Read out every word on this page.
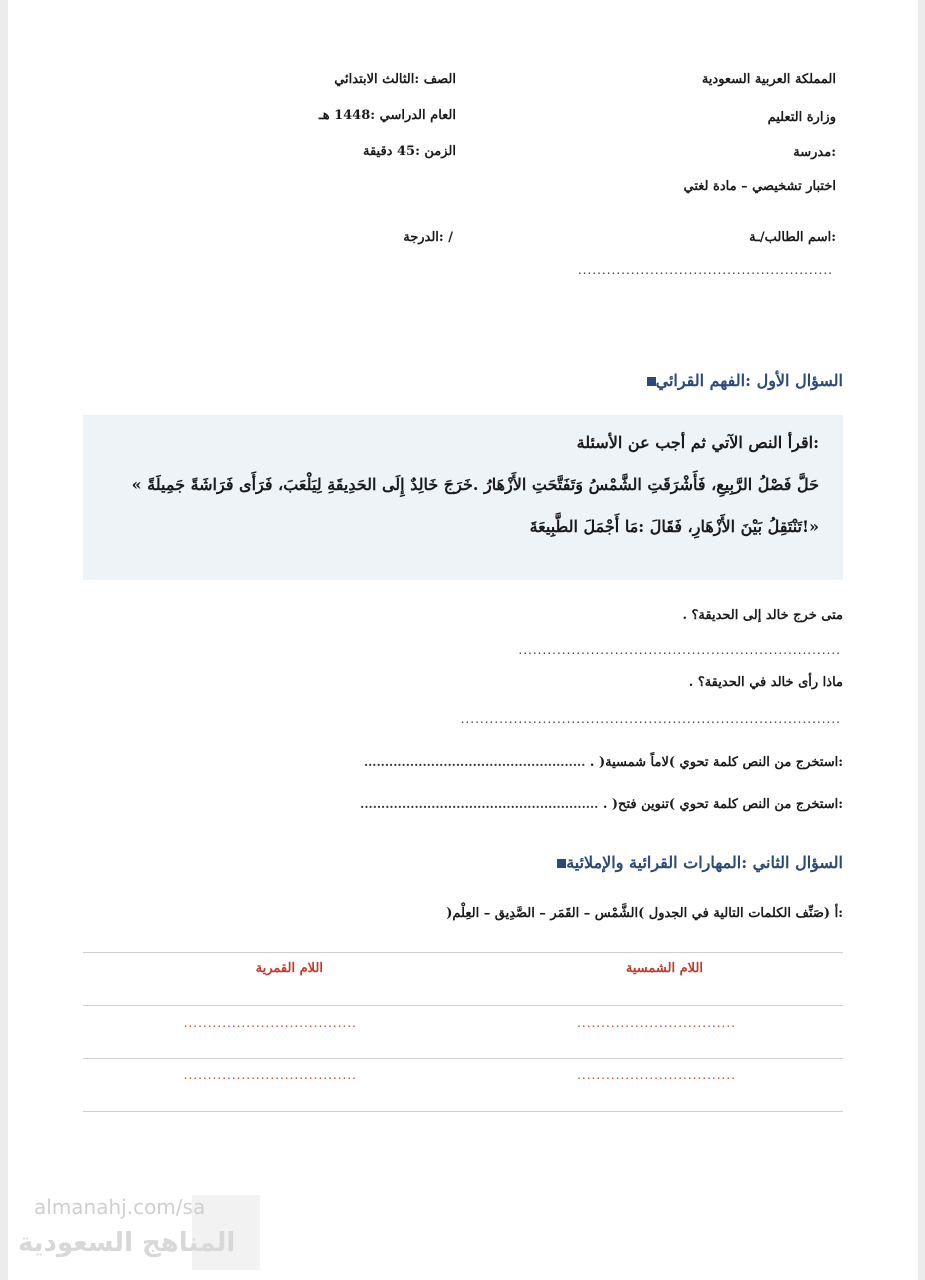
المملكة العربية السعودية
وزارة التعليم
:مدرسة
اختبار تشخيصي – مادة لغتي
:اسم الطالب/ـة
.....................................................
الصف :الثالث الابتدائي
العام الدراسي :1448 هـ
الزمن :45 دقيقة
/ :الدرجة
السؤال الأول :الفهم القرائي
:اقرأ النص الآتي ثم أجب عن الأسئلة
حَلَّ فَصْلُ الرَّبِيعِ، فَأَشْرَقَتِ الشَّمْسُ وَتَفَتَّحَتِ الأَزْهَارُ .خَرَجَ خَالِدٌ إِلَى الحَدِيقَةِ لِيَلْعَبَ، فَرَأَى فَرَاشَةً جَمِيلَةً »
«!تَنْتَقِلُ بَيْنَ الأَزْهَارِ، فَقَالَ :مَا أَجْمَلَ الطَّبِيعَةَ
متى خرج خالد إلى الحديقة؟ .
...................................................................
ماذا رأى خالد في الحديقة؟ .
...............................................................................
:استخرج من النص كلمة تحوي )لاماً شمسية( . .....................................................
:استخرج من النص كلمة تحوي )تنوين فتح( . .........................................................
السؤال الثاني :المهارات القرائية والإملائية
:أ (صَنِّف الكلمات التالية في الجدول )الشَّمْس – القَمَر – الصَّدِيق – العِلْم(
اللام الشمسية
اللام القمرية
.................................
....................................
.................................
....................................
almanahj.com/sa
المناهج السعودية
